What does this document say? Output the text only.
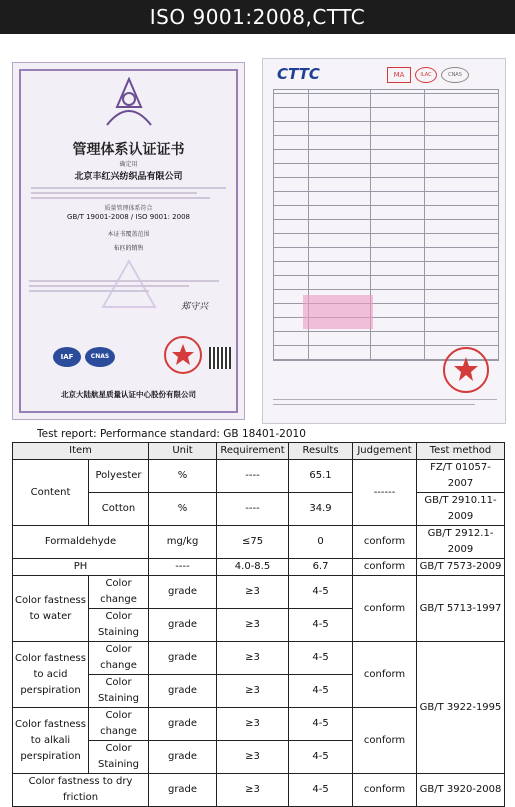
ISO 9001:2008,CTTC
管理体系认证证书
确定用
北京丰红兴纺织品有限公司
质量管理体系符合
GB/T 19001-2008 / ISO 9001: 2008
本证书覆盖范围
布匹的销售
郑守兴
IAF	CNAS
北京大陆航星质量认证中心股份有限公司
CTTC	MA	ILAC	CNAS
Test report: Performance standard: GB 18401-2010
Item		Unit	Requirement	Results	Judgement	Test method
Content	Polyester	%	----	65.1	------	FZ/T 01057-2007
	Cotton	%	----	34.9		GB/T 2910.11-2009
Formaldehyde		mg/kg	≤75	0	conform	GB/T 2912.1-2009
PH		----	4.0-8.5	6.7	conform	GB/T 7573-2009
Color fastness to water	Color change	grade	≥3	4-5	conform	GB/T 5713-1997
	Color Staining	grade	≥3	4-5		
Color fastness to acid perspiration	Color change	grade	≥3	4-5	conform	GB/T 3922-1995
	Color Staining	grade	≥3	4-5		
Color fastness to alkali perspiration	Color change	grade	≥3	4-5	conform	
	Color Staining	grade	≥3	4-5		
Color fastness to dry friction		grade	≥3	4-5	conform	GB/T 3920-2008
